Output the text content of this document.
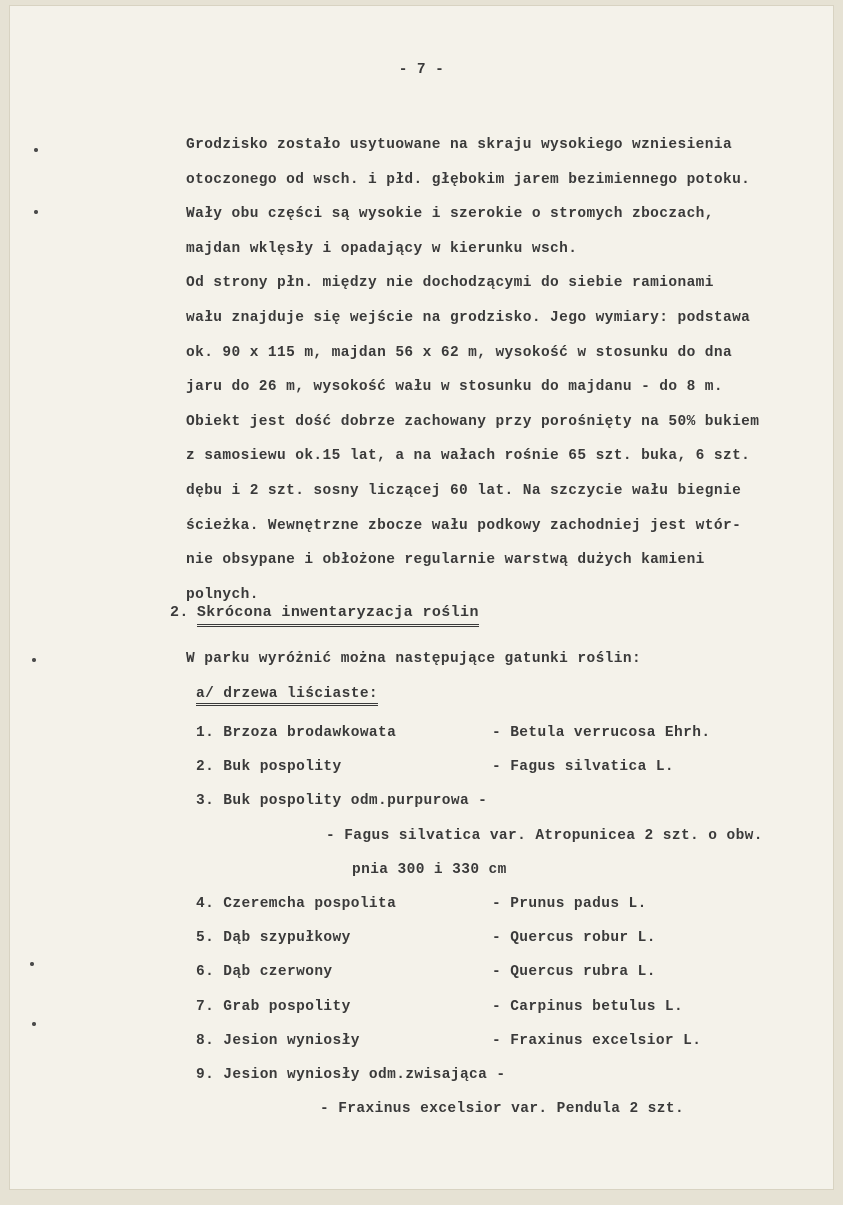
- 7 -
Grodzisko zostało usytuowane na skraju wysokiego wzniesienia
otoczonego od wsch. i płd. głębokim jarem bezimiennego potoku.
Wały obu części są wysokie i szerokie o stromych zboczach,
majdan wklęsły i opadający w kierunku wsch.
Od strony płn. między nie dochodzącymi do siebie ramionami
wału znajduje się wejście na grodzisko. Jego wymiary: podstawa
ok. 90 x 115 m, majdan 56 x 62 m, wysokość w stosunku do dna
jaru do 26 m, wysokość wału w stosunku do majdanu - do 8 m.
Obiekt jest dość dobrze zachowany przy porośnięty na 50% bukiem
z samosiewu ok.15 lat, a na wałach rośnie 65 szt. buka, 6 szt.
dębu i 2 szt. sosny liczącej 60 lat. Na szczycie wału biegnie
ścieżka. Wewnętrzne zbocze wału podkowy zachodniej jest wtór-
nie obsypane i obłożone regularnie warstwą dużych kamieni
polnych.
2. Skrócona inwentaryzacja roślin
W parku wyróżnić można następujące gatunki roślin:
a/ drzewa liściaste:
1. Brzoza brodawkowata	- Betula verrucosa Ehrh.
2. Buk pospolity	- Fagus silvatica L.
3. Buk pospolity odm.purpurowa -
- Fagus silvatica var. Atropunicea 2 szt. o obw.
pnia 300 i 330 cm
4. Czeremcha pospolita	- Prunus padus L.
5. Dąb szypułkowy	- Quercus robur L.
6. Dąb czerwony	- Quercus rubra L.
7. Grab pospolity	- Carpinus betulus L.
8. Jesion wyniosły	- Fraxinus excelsior L.
9. Jesion wyniosły odm.zwisająca -
- Fraxinus excelsior var. Pendula 2 szt.
